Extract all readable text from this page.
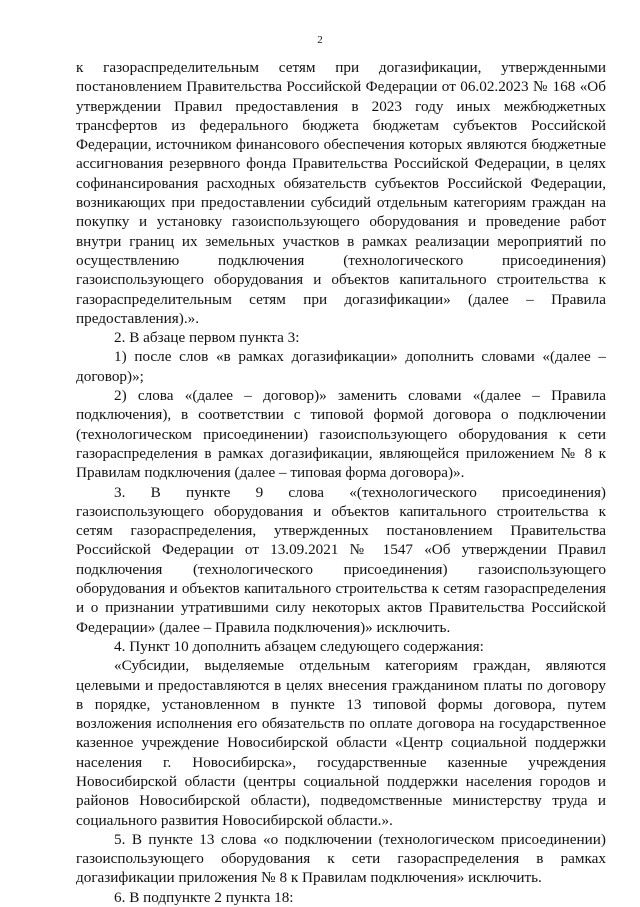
2

к газораспределительным сетям при догазификации, утвержденными постановлением Правительства Российской Федерации от 06.02.2023 № 168 «Об утверждении Правил предоставления в 2023 году иных межбюджетных трансфертов из федерального бюджета бюджетам субъектов Российской Федерации, источником финансового обеспечения которых являются бюджетные ассигнования резервного фонда Правительства Российской Федерации, в целях софинансирования расходных обязательств субъектов Российской Федерации, возникающих при предоставлении субсидий отдельным категориям граждан на покупку и установку газоиспользующего оборудования и проведение работ внутри границ их земельных участков в рамках реализации мероприятий по осуществлению подключения (технологического присоединения) газоиспользующего оборудования и объектов капитального строительства к газораспределительным сетям при догазификации» (далее – Правила предоставления).».

2. В абзаце первом пункта 3:

1) после слов «в рамках догазификации» дополнить словами «(далее – договор)»;

2) слова «(далее – договор)» заменить словами «(далее – Правила подключения), в соответствии с типовой формой договора о подключении (технологическом присоединении) газоиспользующего оборудования к сети газораспределения в рамках догазификации, являющейся приложением № 8 к Правилам подключения (далее – типовая форма договора)».

3. В пункте 9 слова «(технологического присоединения) газоиспользующего оборудования и объектов капитального строительства к сетям газораспределения, утвержденных постановлением Правительства Российской Федерации от 13.09.2021 № 1547 «Об утверждении Правил подключения (технологического присоединения) газоиспользующего оборудования и объектов капитального строительства к сетям газораспределения и о признании утратившими силу некоторых актов Правительства Российской Федерации» (далее – Правила подключения)» исключить.

4. Пункт 10 дополнить абзацем следующего содержания:

«Субсидии, выделяемые отдельным категориям граждан, являются целевыми и предоставляются в целях внесения гражданином платы по договору в порядке, установленном в пункте 13 типовой формы договора, путем возложения исполнения его обязательств по оплате договора на государственное казенное учреждение Новосибирской области «Центр социальной поддержки населения г. Новосибирска», государственные казенные учреждения Новосибирской области (центры социальной поддержки населения городов и районов Новосибирской области), подведомственные министерству труда и социального развития Новосибирской области.».

5. В пункте 13 слова «о подключении (технологическом присоединении) газоиспользующего оборудования к сети газораспределения в рамках догазификации приложения № 8 к Правилам подключения» исключить.

6. В подпункте 2 пункта 18:
